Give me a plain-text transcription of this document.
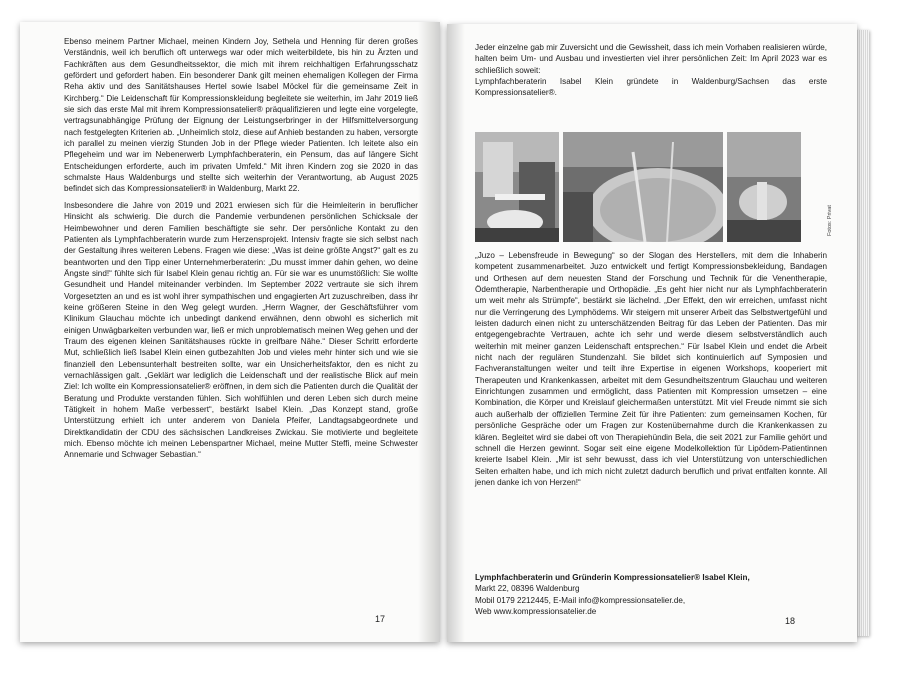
Ebenso meinem Partner Michael, meinen Kindern Joy, Sethela und Henning für deren großes Verständnis, weil ich beruflich oft unterwegs war oder mich weiterbildete, bis hin zu Ärzten und Fachkräften aus dem Gesundheitssektor, die mich mit ihrem reichhaltigen Erfahrungsschatz gefördert und gefordert haben. Ein besonderer Dank gilt meinen ehemaligen Kollegen der Firma Reha aktiv und des Sanitätshauses Hertel sowie Isabel Möckel für die gemeinsame Zeit in Kirchberg.“ Die Leidenschaft für Kompressionskleidung begleitete sie weiterhin, im Jahr 2019 ließ sie sich das erste Mal mit ihrem Kompressionsatelier® präqualifizieren und legte eine vorgelegte, vertragsunabhängige Prüfung der Eignung der Leistungserbringer in der Hilfsmittelversorgung nach festgelegten Kriterien ab. „Unheimlich stolz, diese auf Anhieb bestanden zu haben, versorgte ich parallel zu meinen vierzig Stunden Job in der Pflege wieder Patienten. Ich leitete also ein Pflegeheim und war im Nebenerwerb Lymphfachberaterin, ein Pensum, das auf längere Sicht Entscheidungen erforderte, auch im privaten Umfeld.“ Mit ihren Kindern zog sie 2020 in das schmalste Haus Waldenburgs und stellte sich weiterhin der Verantwortung, ab August 2025 befindet sich das Kompressionsatelier® in Waldenburg, Markt 22.

Insbesondere die Jahre von 2019 und 2021 erwiesen sich für die Heimleiterin in beruflicher Hinsicht als schwierig. Die durch die Pandemie verbundenen persönlichen Schicksale der Heimbewohner und deren Familien beschäftigte sie sehr. Der persönliche Kontakt zu den Patienten als Lymphfachberaterin wurde zum Herzensprojekt. Intensiv fragte sie sich selbst nach der Gestaltung ihres weiteren Lebens. Fragen wie diese: „Was ist deine größte Angst?“ galt es zu beantworten und den Tipp einer Unternehmerberaterin: „Du musst immer dahin gehen, wo deine Ängste sind!“ fühlte sich für Isabel Klein genau richtig an. Für sie war es unumstößlich: Sie wollte Gesundheit und Handel miteinander verbinden. Im September 2022 vertraute sie sich ihrem Vorgesetzten an und es ist wohl ihrer sympathischen und engagierten Art zuzuschreiben, dass ihr keine größeren Steine in den Weg gelegt wurden. „Herrn Wagner, der Geschäftsführer vom Klinikum Glauchau möchte ich unbedingt dankend erwähnen, denn obwohl es sicherlich mit einigen Unwägbarkeiten verbunden war, ließ er mich unproblematisch meinen Weg gehen und der Traum des eigenen kleinen Sanitätshauses rückte in greifbare Nähe.“ Dieser Schritt erforderte Mut, schließlich ließ Isabel Klein einen gutbezahlten Job und vieles mehr hinter sich und wie sie finanziell den Lebensunterhalt bestreiten sollte, war ein Unsicherheitsfaktor, den es nicht zu vernachlässigen galt. „Geklärt war lediglich die Leidenschaft und der realistische Blick auf mein Ziel: Ich wollte ein Kompressionsatelier® eröffnen, in dem sich die Patienten durch die Qualität der Beratung und Produkte verstanden fühlen. Sich wohlfühlen und deren Leben sich durch meine Tätigkeit in hohem Maße verbessert“, bestärkt Isabel Klein. „Das Konzept stand, große Unterstützung erhielt ich unter anderem von Daniela Pfeifer, Landtagsabgeordnete und Direktkandidatin der CDU des sächsischen Landkreises Zwickau. Sie motivierte und begleitete mich. Ebenso möchte ich meinen Lebenspartner Michael, meine Mutter Steffi, meine Schwester Annemarie und Schwager Sebastian.“

17

Jeder einzelne gab mir Zuversicht und die Gewissheit, dass ich mein Vorhaben realisieren würde, halten beim Um- und Ausbau und investierten viel ihrer persönlichen Zeit: Im April 2023 war es schließlich soweit:

Lymphfachberaterin Isabel Klein gründete in Waldenburg/Sachsen das erste Kompressionsatelier®.

Fotos: Privat

„Juzo – Lebensfreude in Bewegung“ so der Slogan des Herstellers, mit dem die Inhaberin kompetent zusammenarbeitet. Juzo entwickelt und fertigt Kompressionsbekleidung, Bandagen und Orthesen auf dem neuesten Stand der Forschung und Technik für die Venentherapie, Ödemtherapie, Narbentherapie und Orthopädie. „Es geht hier nicht nur als Lymphfachberaterin um weit mehr als Strümpfe“, bestärkt sie lächelnd. „Der Effekt, den wir erreichen, umfasst nicht nur die Verringerung des Lymphödems. Wir steigern mit unserer Arbeit das Selbstwertgefühl und leisten dadurch einen nicht zu unterschätzenden Beitrag für das Leben der Patienten. Das mir entgegengebrachte Vertrauen, achte ich sehr und werde diesem selbstverständlich auch weiterhin mit meiner ganzen Leidenschaft entsprechen.“ Für Isabel Klein und endet die Arbeit nicht nach der regulären Stundenzahl. Sie bildet sich kontinuierlich auf Symposien und Fachveranstaltungen weiter und teilt ihre Expertise in eigenen Workshops, kooperiert mit Therapeuten und Krankenkassen, arbeitet mit dem Gesundheitszentrum Glauchau und weiteren Einrichtungen zusammen und ermöglicht, dass Patienten mit Kompression umsetzen – eine Kombination, die Körper und Kreislauf gleichermaßen unterstützt. Mit viel Freude nimmt sie sich auch außerhalb der offiziellen Termine Zeit für ihre Patienten: zum gemeinsamen Kochen, für persönliche Gespräche oder um Fragen zur Kostenübernahme durch die Krankenkassen zu klären. Begleitet wird sie dabei oft von Therapiehündin Bela, die seit 2021 zur Familie gehört und schnell die Herzen gewinnt. Sogar seit eine eigene Modelkollektion für Lipödem-Patientinnen kreierte Isabel Klein. „Mir ist sehr bewusst, dass ich viel Unterstützung von unterschiedlichen Seiten erhalten habe, und ich mich nicht zuletzt dadurch beruflich und privat entfalten konnte. All jenen danke ich von Herzen!“

Lymphfachberaterin und Gründerin Kompressionsatelier® Isabel Klein,
Markt 22, 08396 Waldenburg
Mobil 0179 2212445, E-Mail info@kompressionsatelier.de,
Web www.kompressionsatelier.de
18
